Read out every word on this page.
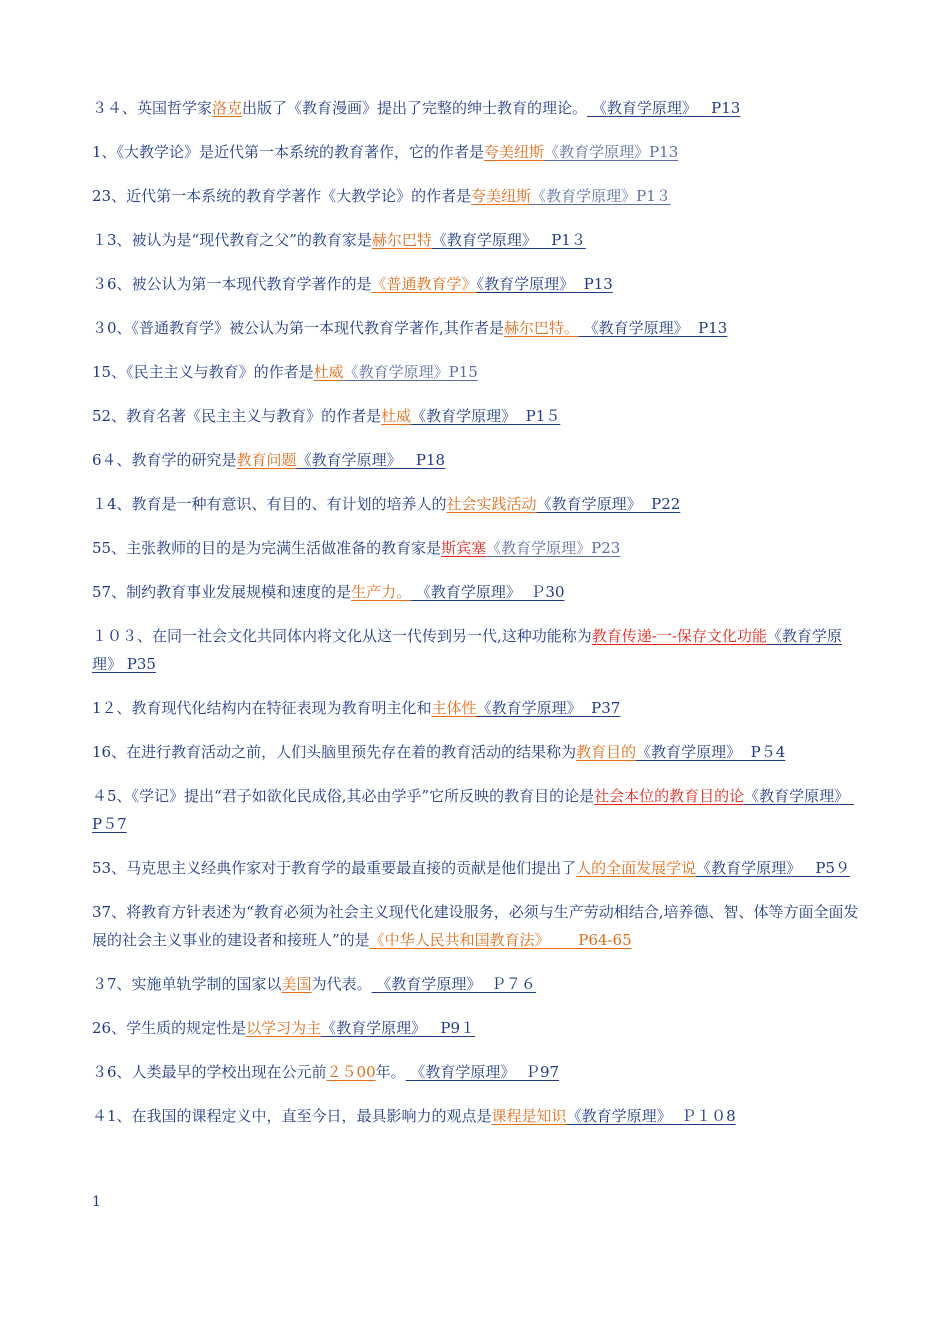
３４、英国哲学家洛克出版了《教育漫画》提出了完整的绅士教育的理论。 《教育学原理》   P13
1、《大教学论》是近代第一本系统的教育著作，它的作者是夸美纽斯《教育学原理》P13
23、近代第一本系统的教育学著作《大教学论》的作者是夸美纽斯《教育学原理》P1３
１3、被认为是“现代教育之父”的教育家是赫尔巴特《教育学原理》   P1３
３6、被公认为第一本现代教育学著作的是《普通教育学》《教育学原理》  P13
３0、《普通教育学》被公认为第一本现代教育学著作,其作者是赫尔巴特。 《教育学原理》  P13
15、《民主主义与教育》的作者是杜威《教育学原理》P15
52、教育名著《民主主义与教育》的作者是杜威《教育学原理》  P1５
6４、教育学的研究是教育问题《教育学原理》   P18
１4、教育是一种有意识、有目的、有计划的培养人的社会实践活动《教育学原理》  P22
55、主张教师的目的是为完满生活做准备的教育家是斯宾塞《教育学原理》P23
57、制约教育事业发展规模和速度的是生产力。 《教育学原理》  Ｐ30
１０３、在同一社会文化共同体内将文化从这一代传到另一代,这种功能称为教育传递-一-保存文化功能《教育学原理》 P35
1２、教育现代化结构内在特征表现为教育明主化和主体性《教育学原理》  P37
16、在进行教育活动之前，人们头脑里预先存在着的教育活动的结果称为教育目的《教育学原理》  P５4
４5、《学记》提出“君子如欲化民成俗,其必由学乎”它所反映的教育目的论是社会本位的教育目的论《教育学原理》 P５7
53、马克思主义经典作家对于教育学的最重要最直接的贡献是他们提出了人的全面发展学说《教育学原理》   P5９
37、将教育方针表述为“教育必须为社会主义现代化建设服务，必须与生产劳动相结合,培养德、智、体等方面全面发展的社会主义事业的建设者和接班人”的是《中华人民共和国教育法》      P64-65
３7、实施单轨学制的国家以美国为代表。 《教育学原理》  Ｐ７６
26、学生质的规定性是以学习为主《教育学原理》   P9１
３6、人类最早的学校出现在公元前２５00年。 《教育学原理》  Ｐ97
４1、在我国的课程定义中，直至今日，最具影响力的观点是课程是知识《教育学原理》  Ｐ１０8
1
